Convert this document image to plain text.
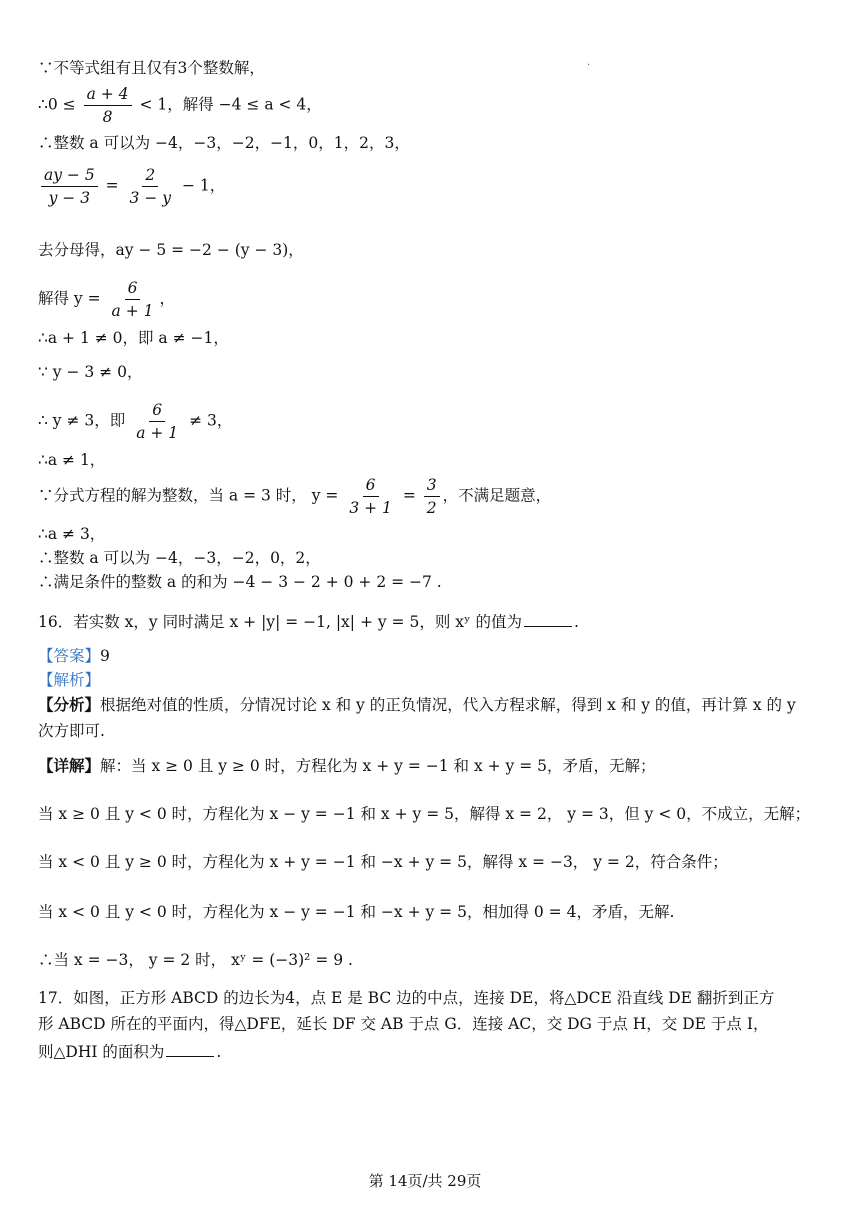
·
∵不等式组有且仅有3个整数解，
∴0 ≤ $\frac{a + 4}{8} < 1$，解得 −4 ≤ a < 4，
∴整数 a 可以为 −4，−3，−2，−1，0，1，2，3，
$\frac{ay - 5}{y - 3} = \frac{2}{3 - y} - 1$，
去分母得，ay − 5 = −2 − (y − 3)，
解得 $y = \frac{6}{a + 1}$ ，
∴a + 1 ≠ 0，即 a ≠ −1，
∵ y − 3 ≠ 0，
∴ y ≠ 3，即 $\frac{6}{a + 1} \ne 3$，
∴a ≠ 1，
∵分式方程的解为整数，当 a = 3 时， $y = \frac{6}{3 + 1} = \frac{3}{2}$ ，不满足题意，
∴a ≠ 3，
∴整数 a 可以为 −4，−3，−2，0，2，
∴满足条件的整数 a 的和为 −4 − 3 − 2 + 0 + 2 = −7 .
16．若实数 x，y 同时满足 x + |y| = −1, |x| + y = 5，则 xʸ 的值为	.
【答案】9
【解析】
【分析】根据绝对值的性质，分情况讨论 x 和 y 的正负情况，代入方程求解，得到 x 和 y 的值，再计算 x 的 y 次方即可.
【详解】解：当 x ≥ 0 且 y ≥ 0 时，方程化为 x + y = −1 和 x + y = 5，矛盾，无解；
当 x ≥ 0 且 y < 0 时，方程化为 x − y = −1 和 x + y = 5，解得 x = 2， y = 3，但 y < 0，不成立，无解；
当 x < 0 且 y ≥ 0 时，方程化为 x + y = −1 和 −x + y = 5，解得 x = −3， y = 2，符合条件；
当 x < 0 且 y < 0 时，方程化为 x − y = −1 和 −x + y = 5，相加得 0 = 4，矛盾，无解.
∴当 x = −3， y = 2 时， xʸ = (−3)² = 9 .
17．如图，正方形 ABCD 的边长为4，点 E 是 BC 边的中点，连接 DE，将△DCE 沿直线 DE 翻折到正方
形 ABCD 所在的平面内，得△DFE，延长 DF 交 AB 于点 G．连接 AC，交 DG 于点 H，交 DE 于点 I，
则△DHI 的面积为	.
第 14页/共 29页
